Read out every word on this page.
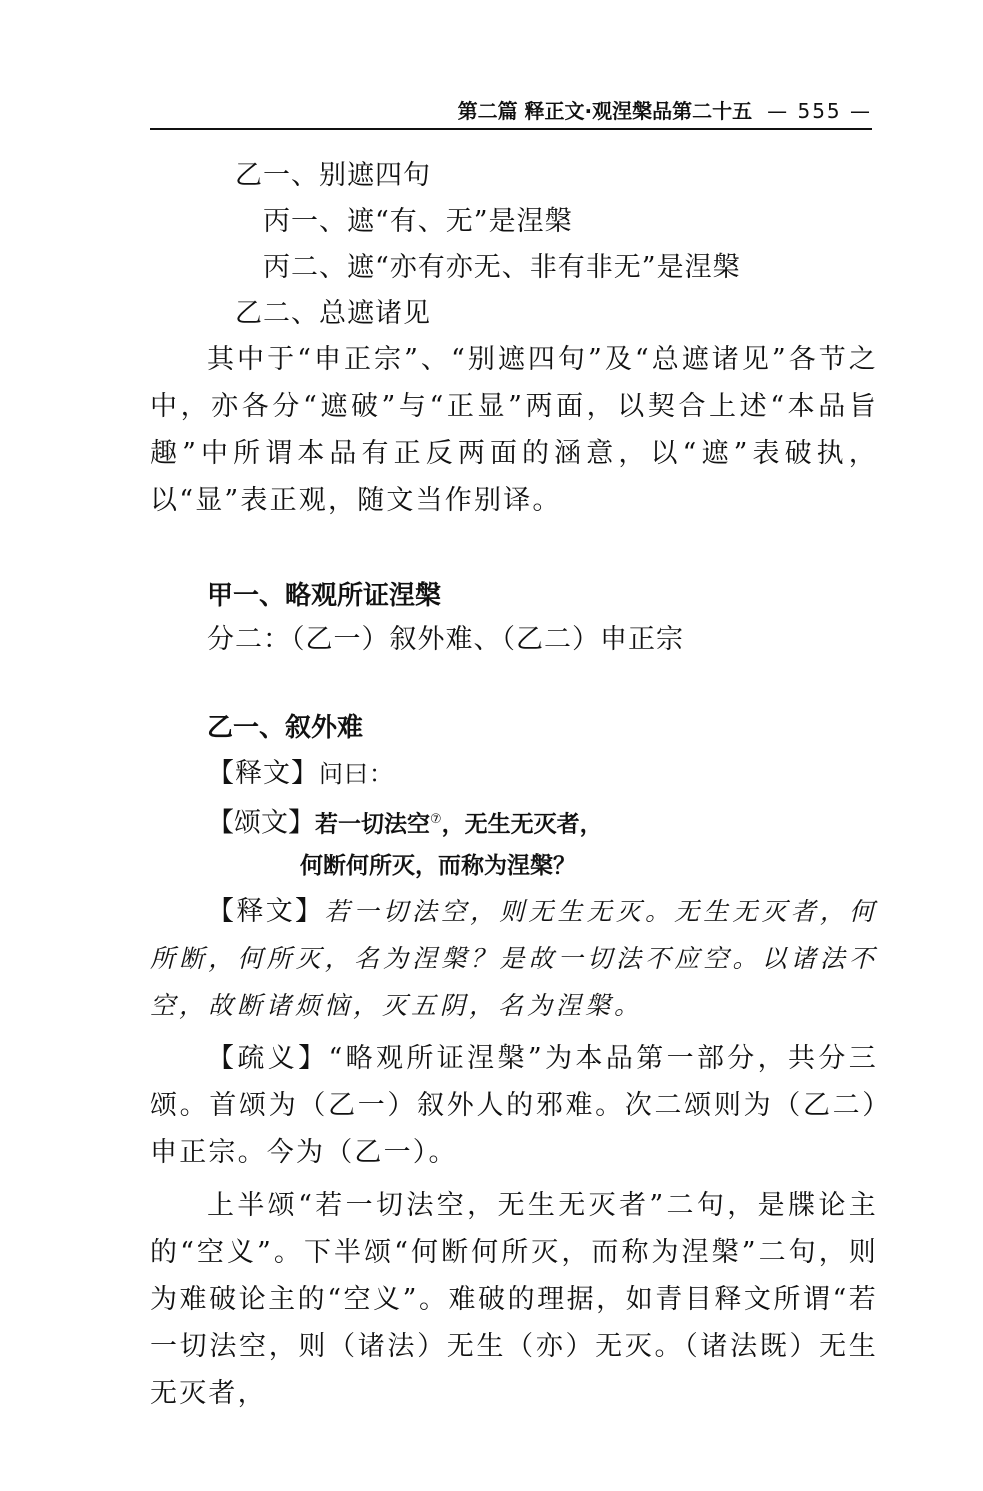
第二篇 释正文·观涅槃品第二十五 — 555 —
乙一、别遮四句
丙一、遮“有、无”是涅槃
丙二、遮“亦有亦无、非有非无”是涅槃
乙二、总遮诸见
其中于“申正宗”、“别遮四句”及“总遮诸见”各节之中，亦各分“遮破”与“正显”两面，以契合上述“本品旨趣”中所谓本品有正反两面的涵意，以“遮”表破执，以“显”表正观，随文当作别译。
甲一、略观所证涅槃
分二：（乙一）叙外难、（乙二）申正宗
乙一、叙外难
【释文】问曰：
【颂文】若一切法空⑦，无生无灭者，
何断何所灭，而称为涅槃？
【释文】若一切法空，则无生无灭。无生无灭者，何所断，何所灭，名为涅槃？是故一切法不应空。以诸法不空，故断诸烦恼，灭五阴，名为涅槃。
【疏义】“略观所证涅槃”为本品第一部分，共分三颂。首颂为（乙一）叙外人的邪难。次二颂则为（乙二）申正宗。今为（乙一）。
上半颂“若一切法空，无生无灭者”二句，是牒论主的“空义”。下半颂“何断何所灭，而称为涅槃”二句，则为难破论主的“空义”。难破的理据，如青目释文所谓“若一切法空，则（诸法）无生（亦）无灭。（诸法既）无生无灭者，
